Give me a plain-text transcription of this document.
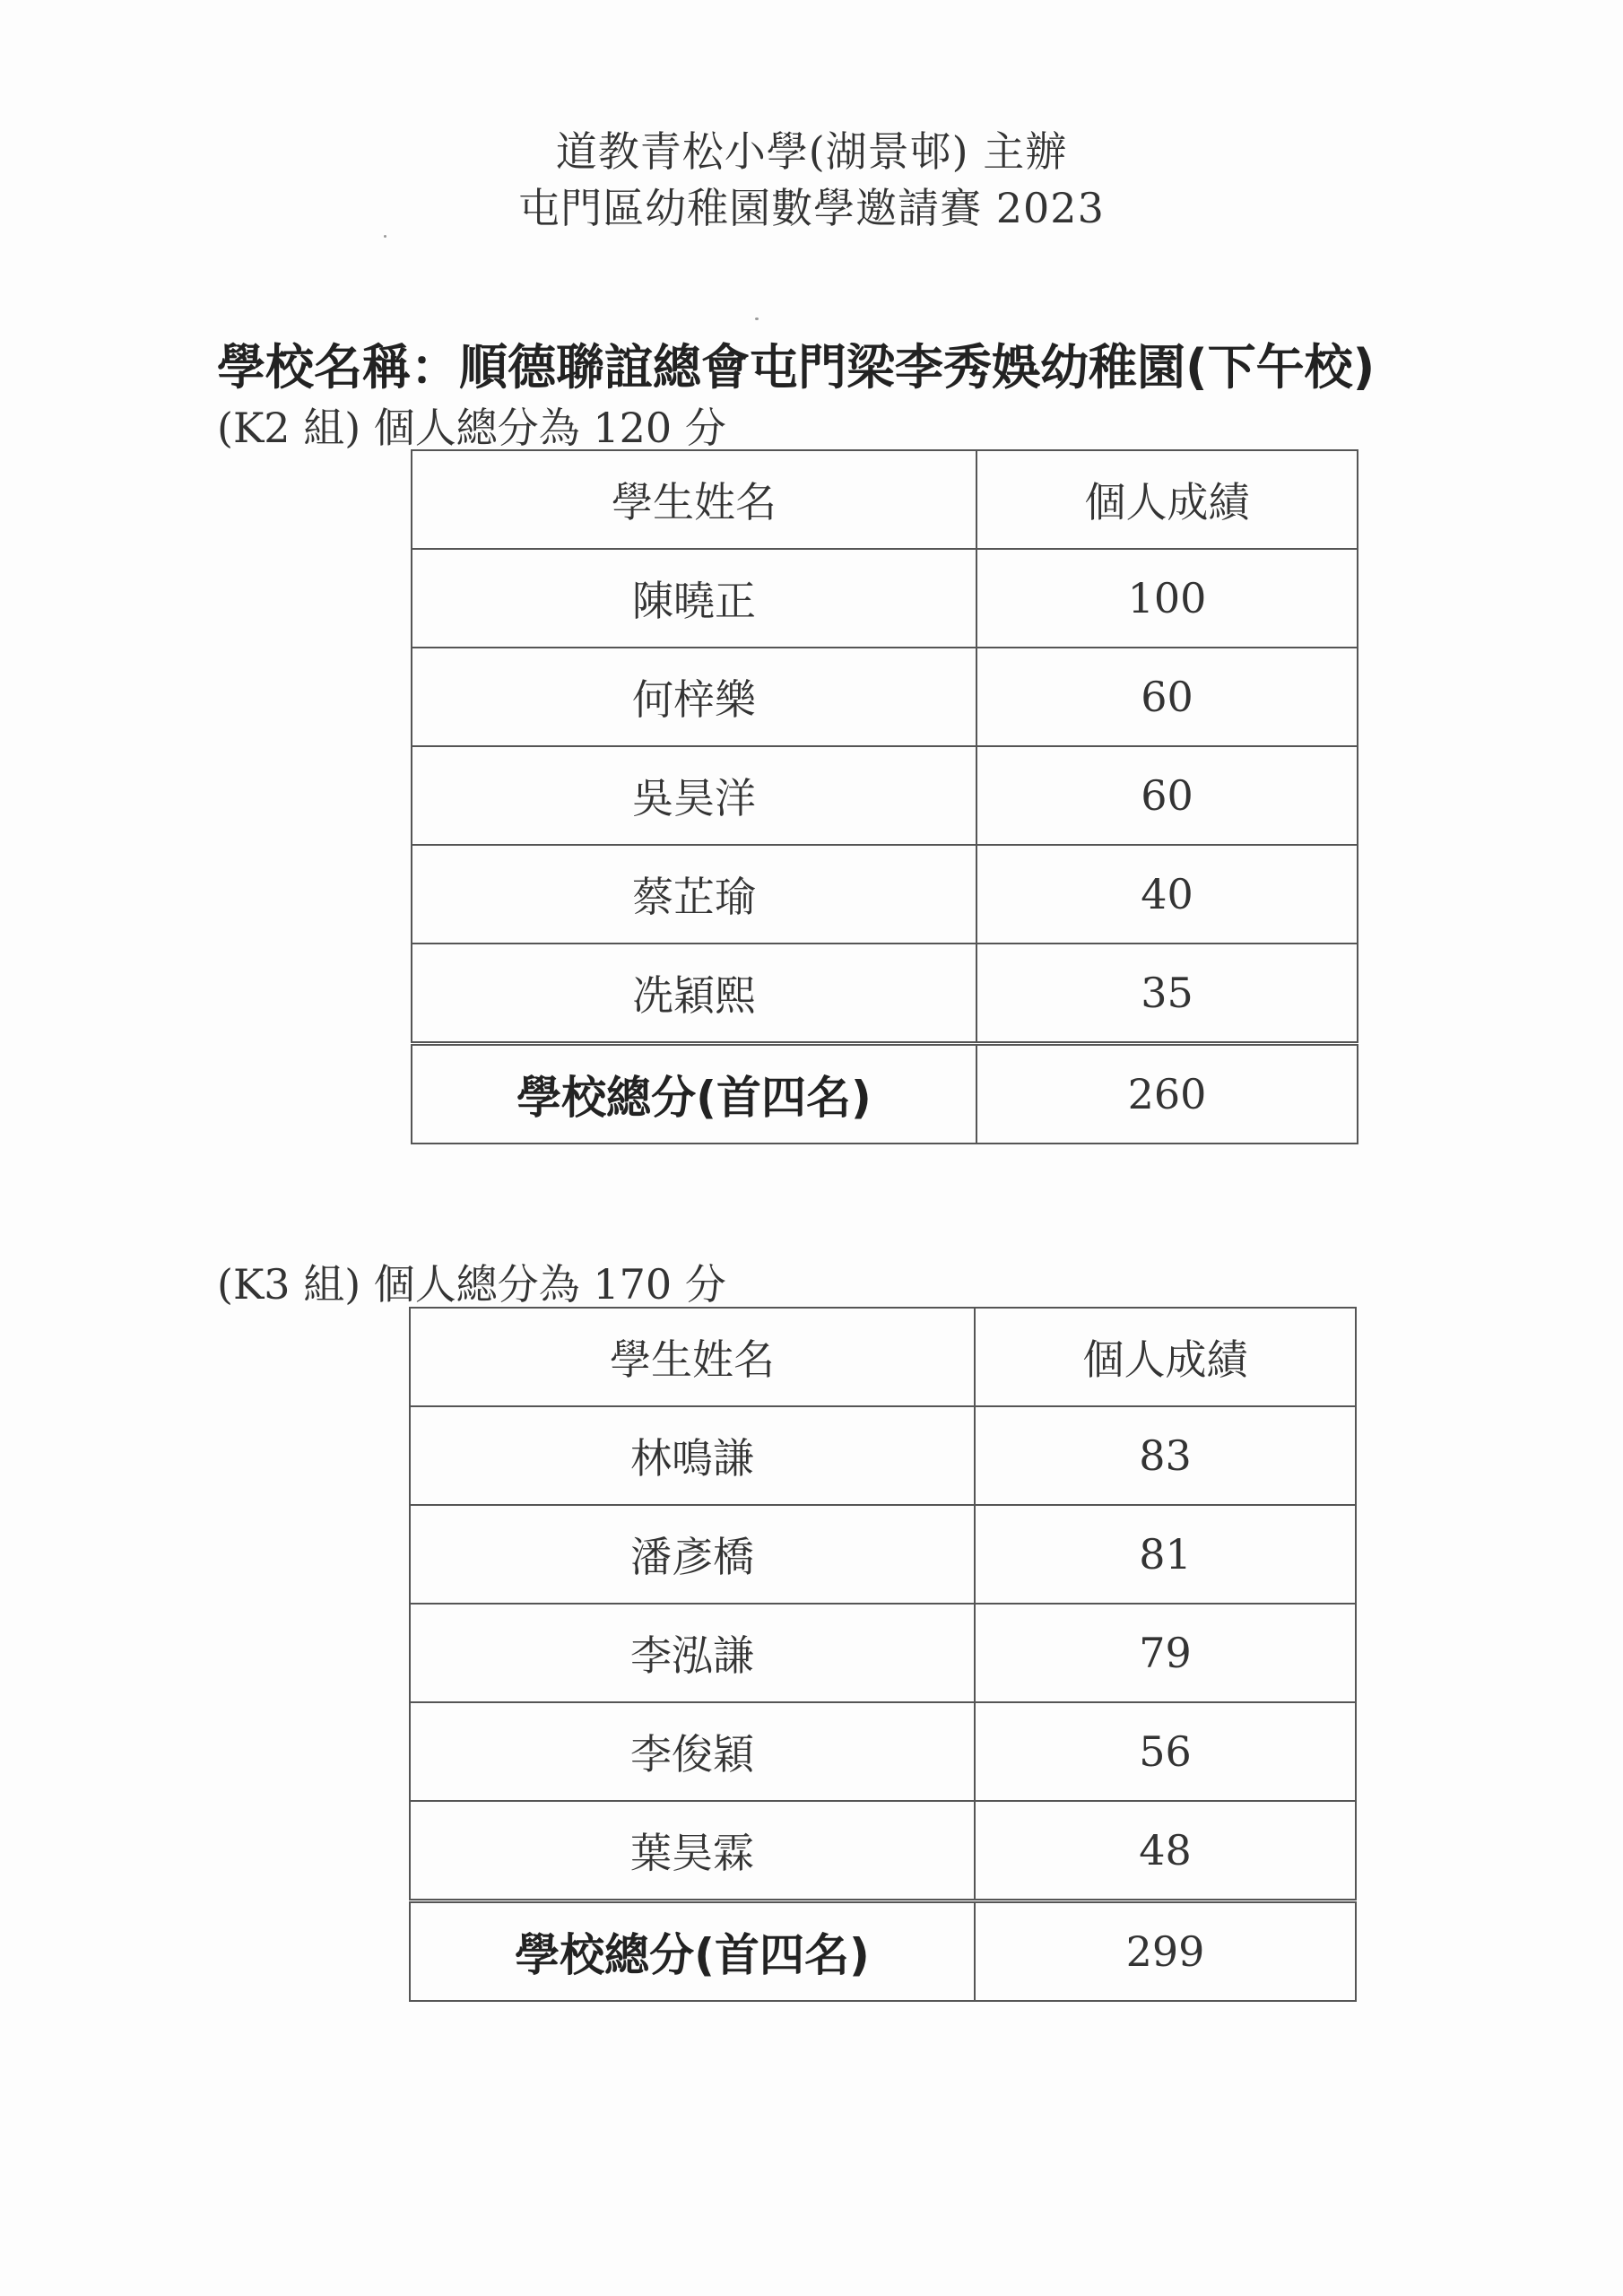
道教青松小學(湖景邨) 主辦
屯門區幼稚園數學邀請賽 2023
學校名稱：順德聯誼總會屯門梁李秀娛幼稚園(下午校)
(K2 組) 個人總分為 120 分
學生姓名	個人成績
陳曉正	100
何梓樂	60
吳昊洋	60
蔡芷瑜	40
冼穎熙	35
學校總分(首四名)	260
(K3 組) 個人總分為 170 分
學生姓名	個人成績
林鳴謙	83
潘彥橋	81
李泓謙	79
李俊穎	56
葉昊霖	48
學校總分(首四名)	299
